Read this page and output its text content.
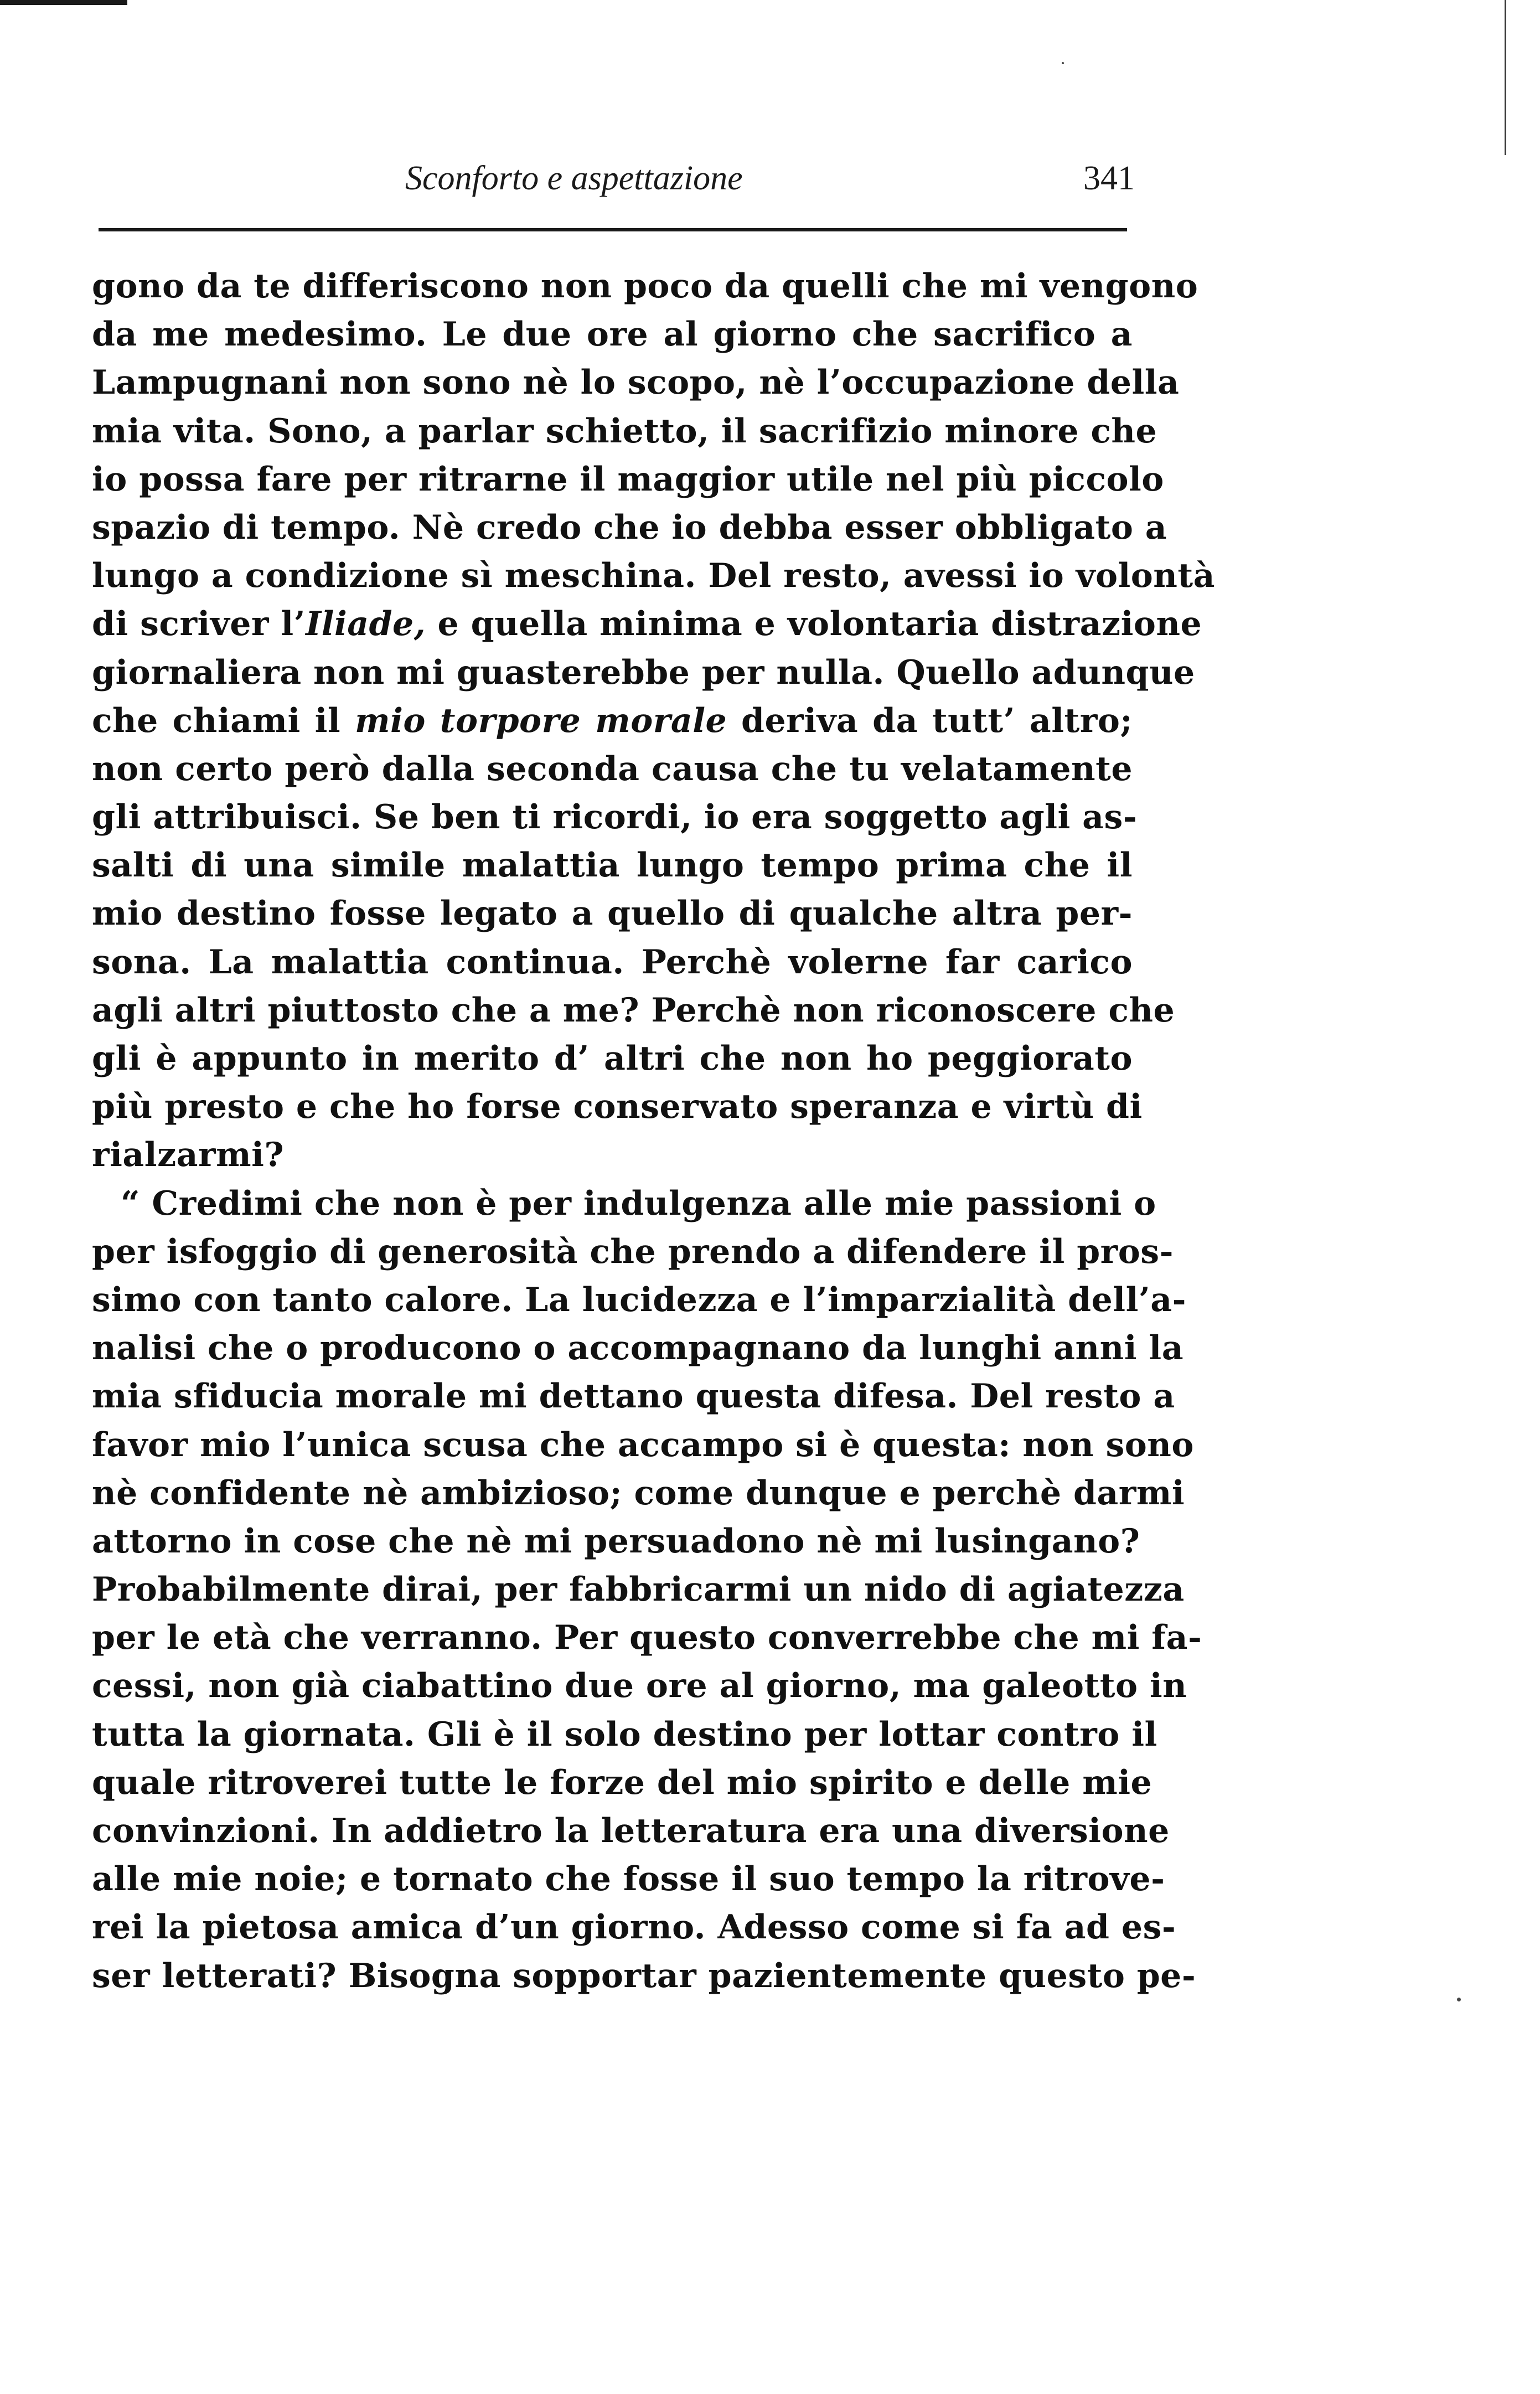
Sconforto e aspettazione	341
gono da te differiscono non poco da quelli che mi vengono
da me medesimo. Le due ore al giorno che sacrifico a
Lampugnani non sono nè lo scopo, nè l’occupazione della
mia vita. Sono, a parlar schietto, il sacrifizio minore che
io possa fare per ritrarne il maggior utile nel più piccolo
spazio di tempo. Nè credo che io debba esser obbligato a
lungo a condizione sì meschina. Del resto, avessi io volontà
di scriver l’Iliade, e quella minima e volontaria distrazione
giornaliera non mi guasterebbe per nulla. Quello adunque
che chiami il mio torpore morale deriva da tutt’ altro;
non certo però dalla seconda causa che tu velatamente
gli attribuisci. Se ben ti ricordi, io era soggetto agli as-
salti di una simile malattia lungo tempo prima che il
mio destino fosse legato a quello di qualche altra per-
sona. La malattia continua. Perchè volerne far carico
agli altri piuttosto che a me? Perchè non riconoscere che
gli è appunto in merito d’ altri che non ho peggiorato
più presto e che ho forse conservato speranza e virtù di
rialzarmi?
“ Credimi che non è per indulgenza alle mie passioni o
per isfoggio di generosità che prendo a difendere il pros-
simo con tanto calore. La lucidezza e l’imparzialità dell’a-
nalisi che o producono o accompagnano da lunghi anni la
mia sfiducia morale mi dettano questa difesa. Del resto a
favor mio l’unica scusa che accampo si è questa: non sono
nè confidente nè ambizioso; come dunque e perchè darmi
attorno in cose che nè mi persuadono nè mi lusingano?
Probabilmente dirai, per fabbricarmi un nido di agiatezza
per le età che verranno. Per questo converrebbe che mi fa-
cessi, non già ciabattino due ore al giorno, ma galeotto in
tutta la giornata. Gli è il solo destino per lottar contro il
quale ritroverei tutte le forze del mio spirito e delle mie
convinzioni. In addietro la letteratura era una diversione
alle mie noie; e tornato che fosse il suo tempo la ritrove-
rei la pietosa amica d’un giorno. Adesso come si fa ad es-
ser letterati? Bisogna sopportar pazientemente questo pe-
